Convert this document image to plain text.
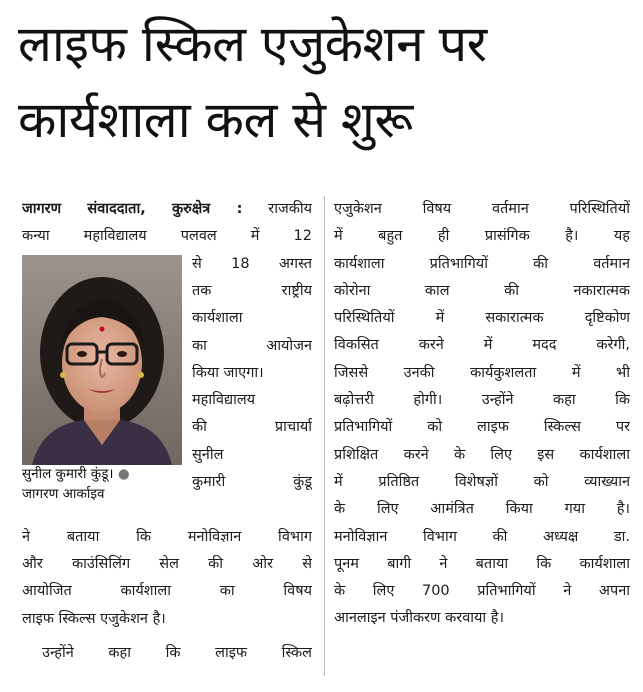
लाइफ स्किल एजुकेशन पर
कार्यशाला कल से शुरू
जागरण संवाददाता, कुरुक्षेत्र : राजकीय
कन्या महाविद्यालय पलवल में 12
से 18 अगस्त
तक राष्ट्रीय
कार्यशाला
का आयोजन
किया जाएगा।
महाविद्यालय
की प्राचार्या
सुनील
कुमारी कुंडू
सुनील कुमारी कुंडू। ●
जागरण आर्काइव
ने बताया कि मनोविज्ञान विभाग
और काउंसिलिंग सेल की ओर से
आयोजित कार्यशाला का विषय
लाइफ स्किल्स एजुकेशन है।
उन्होंने कहा कि लाइफ स्किल
एजुकेशन विषय वर्तमान परिस्थितियों
में बहुत ही प्रासंगिक है। यह
कार्यशाला प्रतिभागियों की वर्तमान
कोरोना काल की नकारात्मक
परिस्थितियों में सकारात्मक दृष्टिकोण
विकसित करने में मदद करेगी,
जिससे उनकी कार्यकुशलता में भी
बढ़ोत्तरी होगी। उन्होंने कहा कि
प्रतिभागियों को लाइफ स्किल्स पर
प्रशिक्षित करने के लिए इस कार्यशाला
में प्रतिष्ठित विशेषज्ञों को व्याख्यान
के लिए आमंत्रित किया गया है।
मनोविज्ञान विभाग की अध्यक्ष डा.
पूनम बागी ने बताया कि कार्यशाला
के लिए 700 प्रतिभागियों ने अपना
आनलाइन पंजीकरण करवाया है।
